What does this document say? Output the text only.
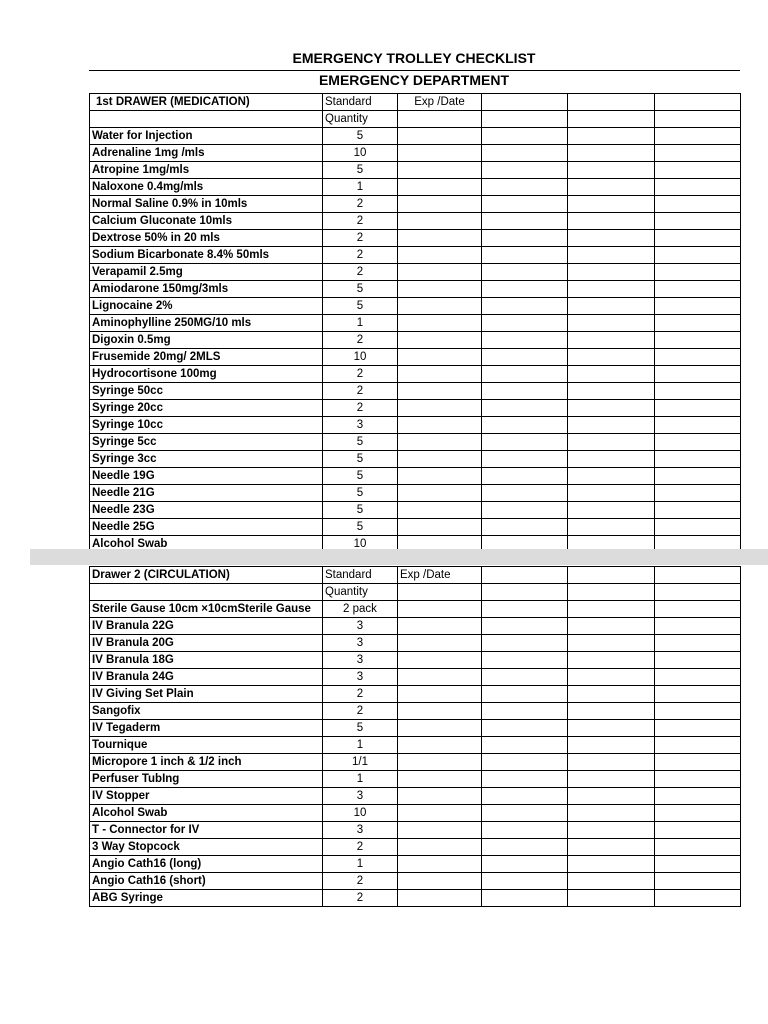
EMERGENCY TROLLEY CHECKLIST
EMERGENCY DEPARTMENT
1st DRAWER (MEDICATION)	Standard	Exp /Date			
	Quantity				
Water for Injection	5				
Adrenaline 1mg /mls	10				
Atropine 1mg/mls	5				
Naloxone 0.4mg/mls	1				
Normal Saline 0.9% in 10mls	2				
Calcium Gluconate 10mls	2				
Dextrose 50% in 20 mls	2				
Sodium Bicarbonate 8.4% 50mls	2				
Verapamil 2.5mg	2				
Amiodarone 150mg/3mls	5				
Lignocaine 2%	5				
Aminophylline 250MG/10 mls	1				
Digoxin 0.5mg	2				
Frusemide 20mg/ 2MLS	10				
Hydrocortisone 100mg	2				
Syringe 50cc	2				
Syringe 20cc	2				
Syringe 10cc	3				
Syringe 5cc	5				
Syringe 3cc	5				
Needle 19G	5				
Needle 21G	5				
Needle 23G	5				
Needle 25G	5				
Alcohol Swab	10				
Drawer 2 (CIRCULATION)	Standard	Exp /Date			
	Quantity				
Sterile Gause 10cm ×10cmSterile Gause	2 pack				
IV Branula 22G	3				
IV Branula 20G	3				
IV Branula 18G	3				
IV Branula 24G	3				
IV Giving Set Plain	2				
Sangofix	2				
IV Tegaderm	5				
Tournique	1				
Micropore 1 inch & 1/2 inch	1/1				
Perfuser TubIng	1				
IV Stopper	3				
Alcohol Swab	10				
T - Connector for IV	3				
3 Way Stopcock	2				
Angio Cath16 (long)	1				
Angio Cath16 (short)	2				
ABG Syringe	2				
